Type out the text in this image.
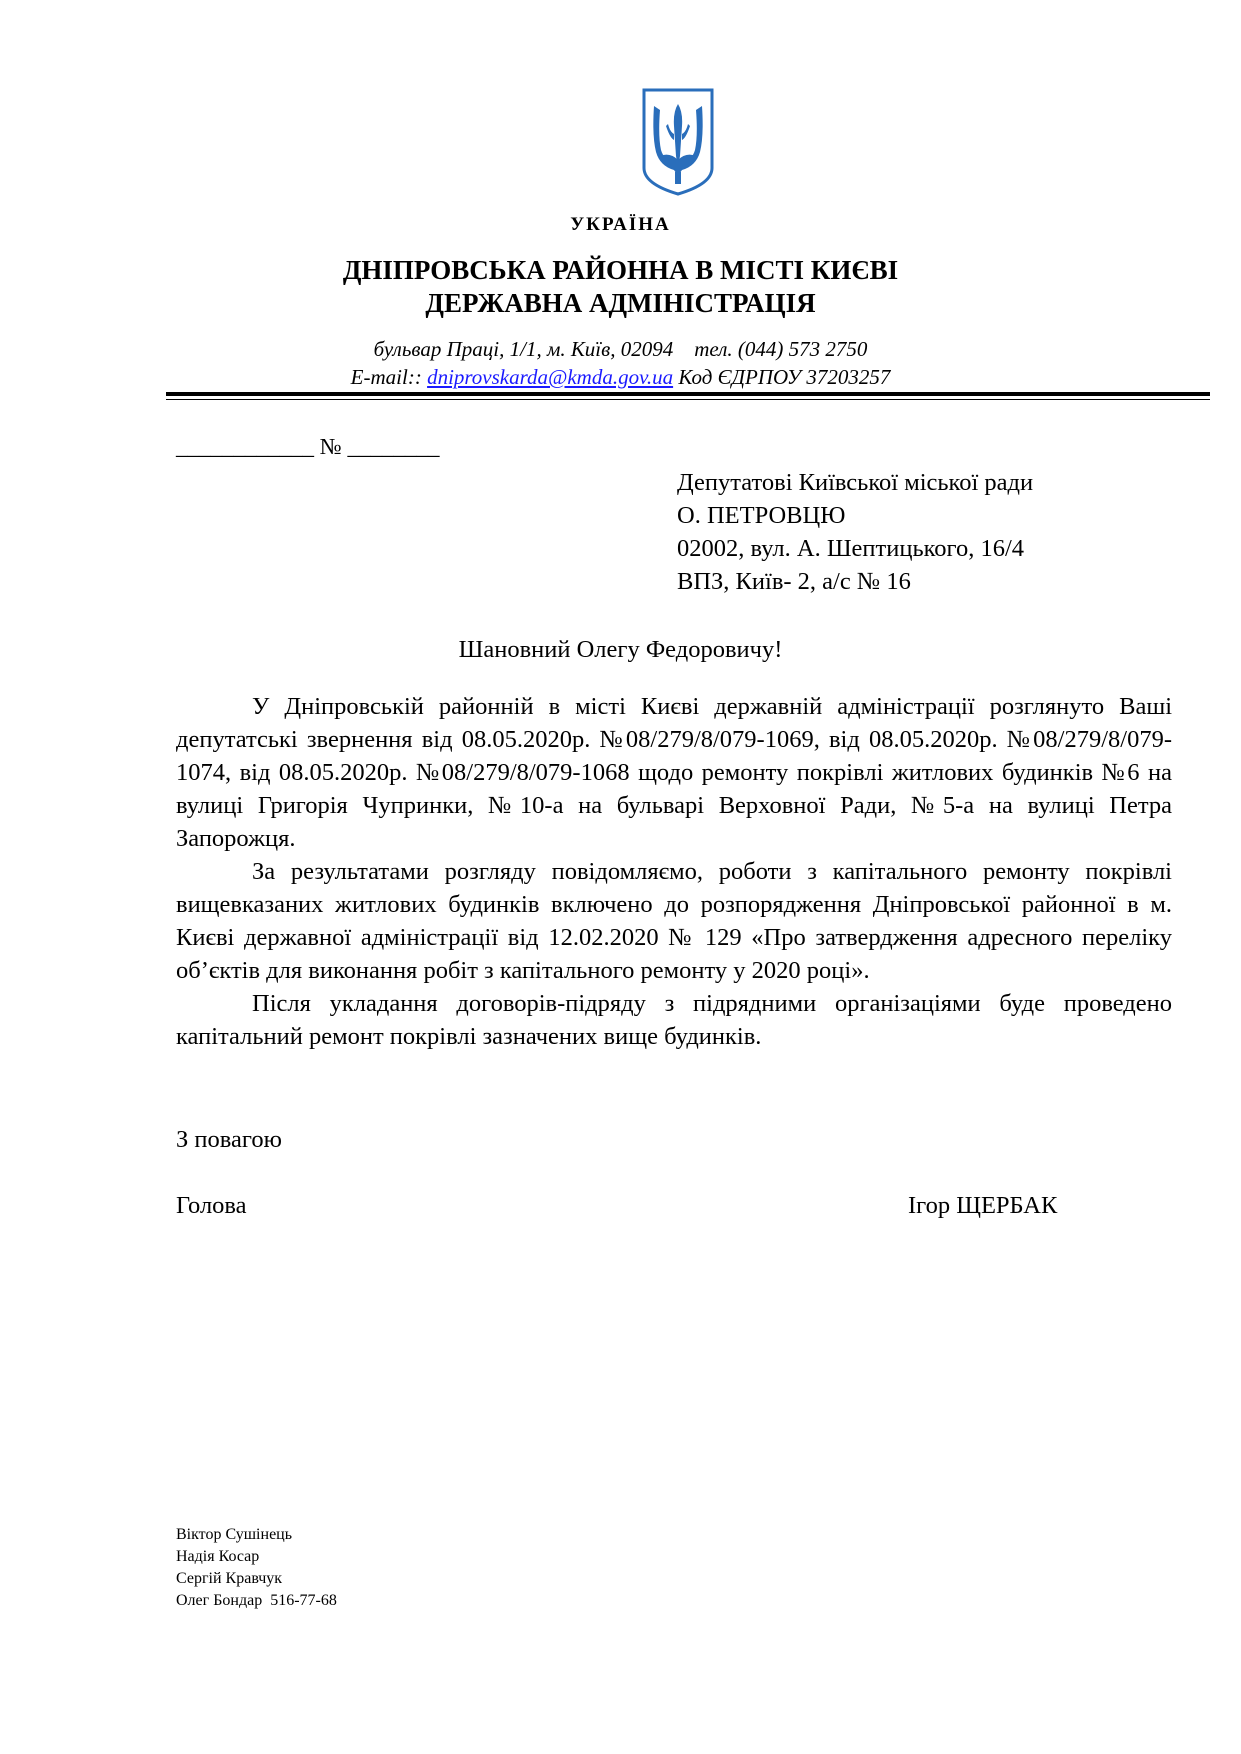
УКРАЇНА
ДНІПРОВСЬКА РАЙОННА В МІСТІ КИЄВІ
ДЕРЖАВНА АДМІНІСТРАЦІЯ
бульвар Праці, 1/1, м. Київ, 02094 тел. (044) 573 2750
E-mail:: dniprovskarda@kmda.gov.ua Код ЄДРПОУ 37203257
____________ № ________
Депутатові Київської міської ради
О. ПЕТРОВЦЮ
02002, вул. А. Шептицького, 16/4
ВПЗ, Київ- 2, а/с № 16
Шановний Олегу Федоровичу!

У Дніпровській районній в місті Києві державній адміністрації розглянуто Ваші депутатські звернення від 08.05.2020р. №08/279/8/079-1069, від 08.05.2020р. №08/279/8/079-1074, від 08.05.2020р. №08/279/8/079-1068 щодо ремонту покрівлі житлових будинків №6 на вулиці Григорія Чупринки, №10-а на бульварі Верховної Ради, №5-а на вулиці Петра Запорожця.

За результатами розгляду повідомляємо, роботи з капітального ремонту покрівлі вищевказаних житлових будинків включено до розпорядження Дніпровської районної в м. Києві державної адміністрації від 12.02.2020 № 129 «Про затвердження адресного переліку об’єктів для виконання робіт з капітального ремонту у 2020 році».

Після укладання договорів-підряду з підрядними організаціями буде проведено капітальний ремонт покрівлі зазначених вище будинків.

З повагою
Голова	Ігор ЩЕРБАК
Віктор Сушінець
Надія Косар
Сергій Кравчук
Олег Бондар  516-77-68
